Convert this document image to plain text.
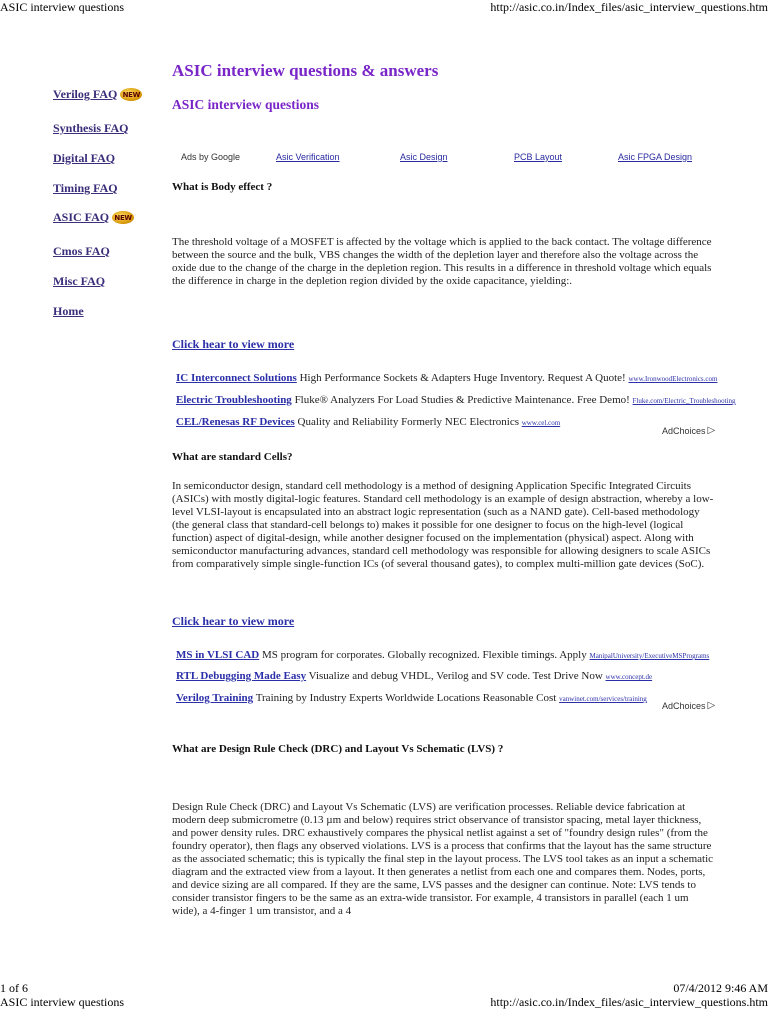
ASIC interview questions	http://asic.co.in/Index_files/asic_interview_questions.htm
Verilog FAQ NEW
Synthesis FAQ
Digital FAQ
Timing FAQ
ASIC FAQ NEW
Cmos FAQ
Misc FAQ
Home
ASIC interview questions & answers
ASIC interview questions
Ads by Google	Asic Verification	Asic Design	PCB Layout	Asic FPGA Design
What is Body effect ?

The threshold voltage of a MOSFET is affected by the voltage which is applied to the back contact. The voltage difference between the source and the bulk, VBS changes the width of the depletion layer and therefore also the voltage across the oxide due to the change of the charge in the depletion region. This results in a difference in threshold voltage which equals the difference in charge in the depletion region divided by the oxide capacitance, yielding:.

Click hear to view more
IC Interconnect Solutions High Performance Sockets & Adapters Huge Inventory. Request A Quote! www.IronwoodElectronics.com
Electric Troubleshooting Fluke® Analyzers For Load Studies & Predictive Maintenance. Free Demo! Fluke.com/Electric_Troubleshooting
CEL/Renesas RF Devices Quality and Reliability Formerly NEC Electronics www.cel.com
AdChoices ▷
What are standard Cells?

In semiconductor design, standard cell methodology is a method of designing Application Specific Integrated Circuits (ASICs) with mostly digital-logic features. Standard cell methodology is an example of design abstraction, whereby a low-level VLSI-layout is encapsulated into an abstract logic representation (such as a NAND gate). Cell-based methodology (the general class that standard-cell belongs to) makes it possible for one designer to focus on the high-level (logical function) aspect of digital-design, while another designer focused on the implementation (physical) aspect. Along with semiconductor manufacturing advances, standard cell methodology was responsible for allowing designers to scale ASICs from comparatively simple single-function ICs (of several thousand gates), to complex multi-million gate devices (SoC).

Click hear to view more
MS in VLSI CAD MS program for corporates. Globally recognized. Flexible timings. Apply ManipalUniversity/ExecutiveMSPrograms
RTL Debugging Made Easy Visualize and debug VHDL, Verilog and SV code. Test Drive Now www.concept.de
Verilog Training Training by Industry Experts Worldwide Locations Reasonable Cost vanwinet.com/services/training
AdChoices ▷
What are Design Rule Check (DRC) and Layout Vs Schematic (LVS) ?

Design Rule Check (DRC) and Layout Vs Schematic (LVS) are verification processes. Reliable device fabrication at modern deep submicrometre (0.13 µm and below) requires strict observance of transistor spacing, metal layer thickness, and power density rules. DRC exhaustively compares the physical netlist against a set of "foundry design rules" (from the foundry operator), then flags any observed violations. LVS is a process that confirms that the layout has the same structure as the associated schematic; this is typically the final step in the layout process. The LVS tool takes as an input a schematic diagram and the extracted view from a layout. It then generates a netlist from each one and compares them. Nodes, ports, and device sizing are all compared. If they are the same, LVS passes and the designer can continue. Note: LVS tends to consider transistor fingers to be the same as an extra-wide transistor. For example, 4 transistors in parallel (each 1 um wide), a 4-finger 1 um transistor, and a 4

1 of 6	07/4/2012 9:46 AM
ASIC interview questions	http://asic.co.in/Index_files/asic_interview_questions.htm
